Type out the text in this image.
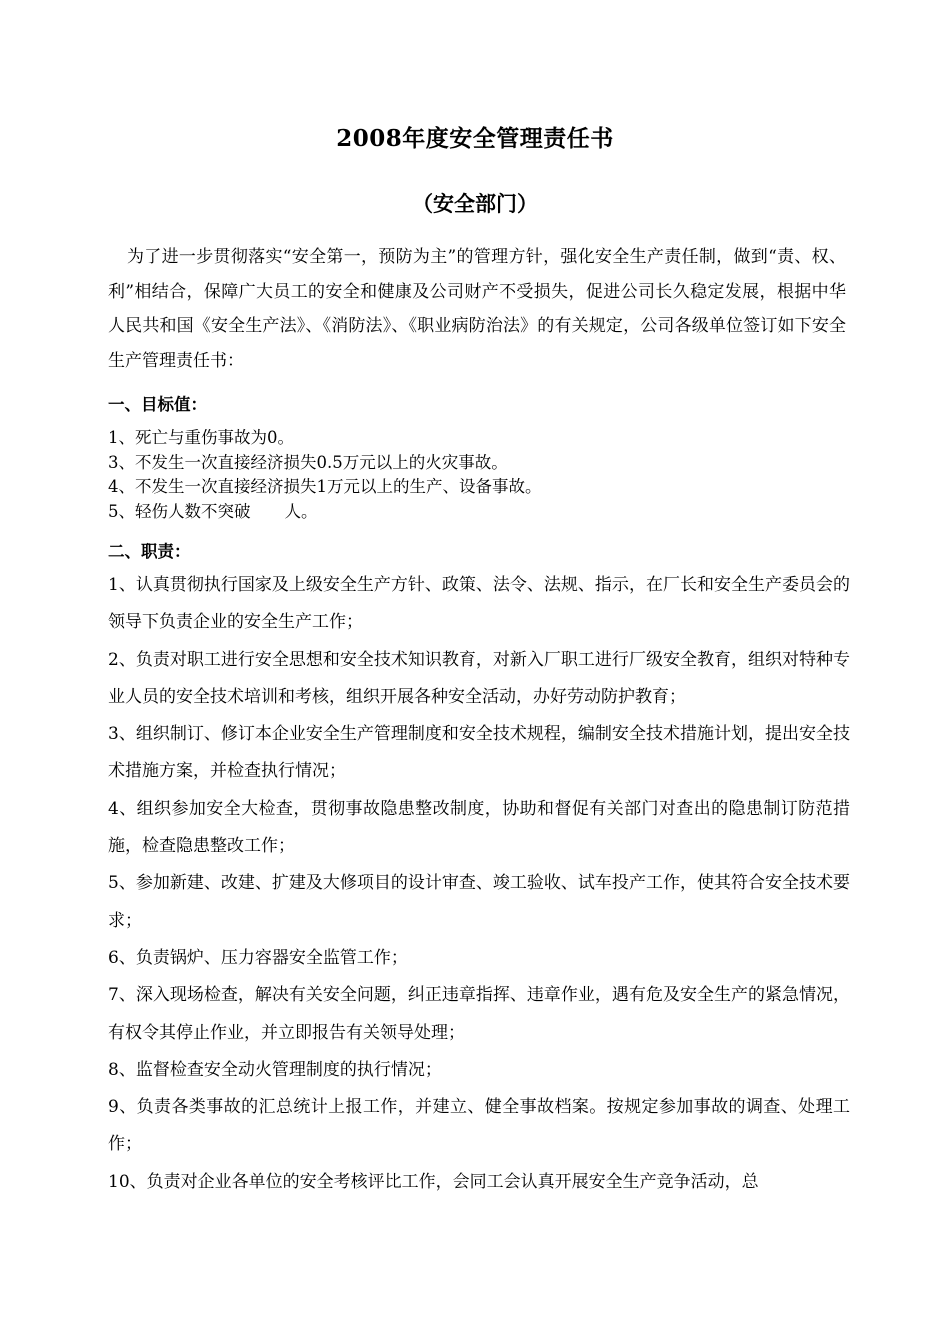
2008年度安全管理责任书
（安全部门）

为了进一步贯彻落实“安全第一，预防为主”的管理方针，强化安全生产责任制，做到“责、权、利”相结合，保障广大员工的安全和健康及公司财产不受损失，促进公司长久稳定发展，根据中华人民共和国《安全生产法》、《消防法》、《职业病防治法》的有关规定，公司各级单位签订如下安全生产管理责任书：

一、目标值：

1、死亡与重伤事故为0。
3、不发生一次直接经济损失0.5万元以上的火灾事故。
4、不发生一次直接经济损失1万元以上的生产、设备事故。
5、轻伤人数不突破 人。

二、职责：

1、认真贯彻执行国家及上级安全生产方针、政策、法令、法规、指示，在厂长和安全生产委员会的领导下负责企业的安全生产工作；
2、负责对职工进行安全思想和安全技术知识教育，对新入厂职工进行厂级安全教育，组织对特种专业人员的安全技术培训和考核，组织开展各种安全活动，办好劳动防护教育；
3、组织制订、修订本企业安全生产管理制度和安全技术规程，编制安全技术措施计划，提出安全技术措施方案，并检查执行情况；
4、组织参加安全大检查，贯彻事故隐患整改制度，协助和督促有关部门对查出的隐患制订防范措施，检查隐患整改工作；
5、参加新建、改建、扩建及大修项目的设计审查、竣工验收、试车投产工作，使其符合安全技术要求；
6、负责锅炉、压力容器安全监管工作；
7、深入现场检查，解决有关安全问题，纠正违章指挥、违章作业，遇有危及安全生产的紧急情况，有权令其停止作业，并立即报告有关领导处理；
8、监督检查安全动火管理制度的执行情况；
9、负责各类事故的汇总统计上报工作，并建立、健全事故档案。按规定参加事故的调查、处理工作；
10、负责对企业各单位的安全考核评比工作，会同工会认真开展安全生产竞争活动，总
